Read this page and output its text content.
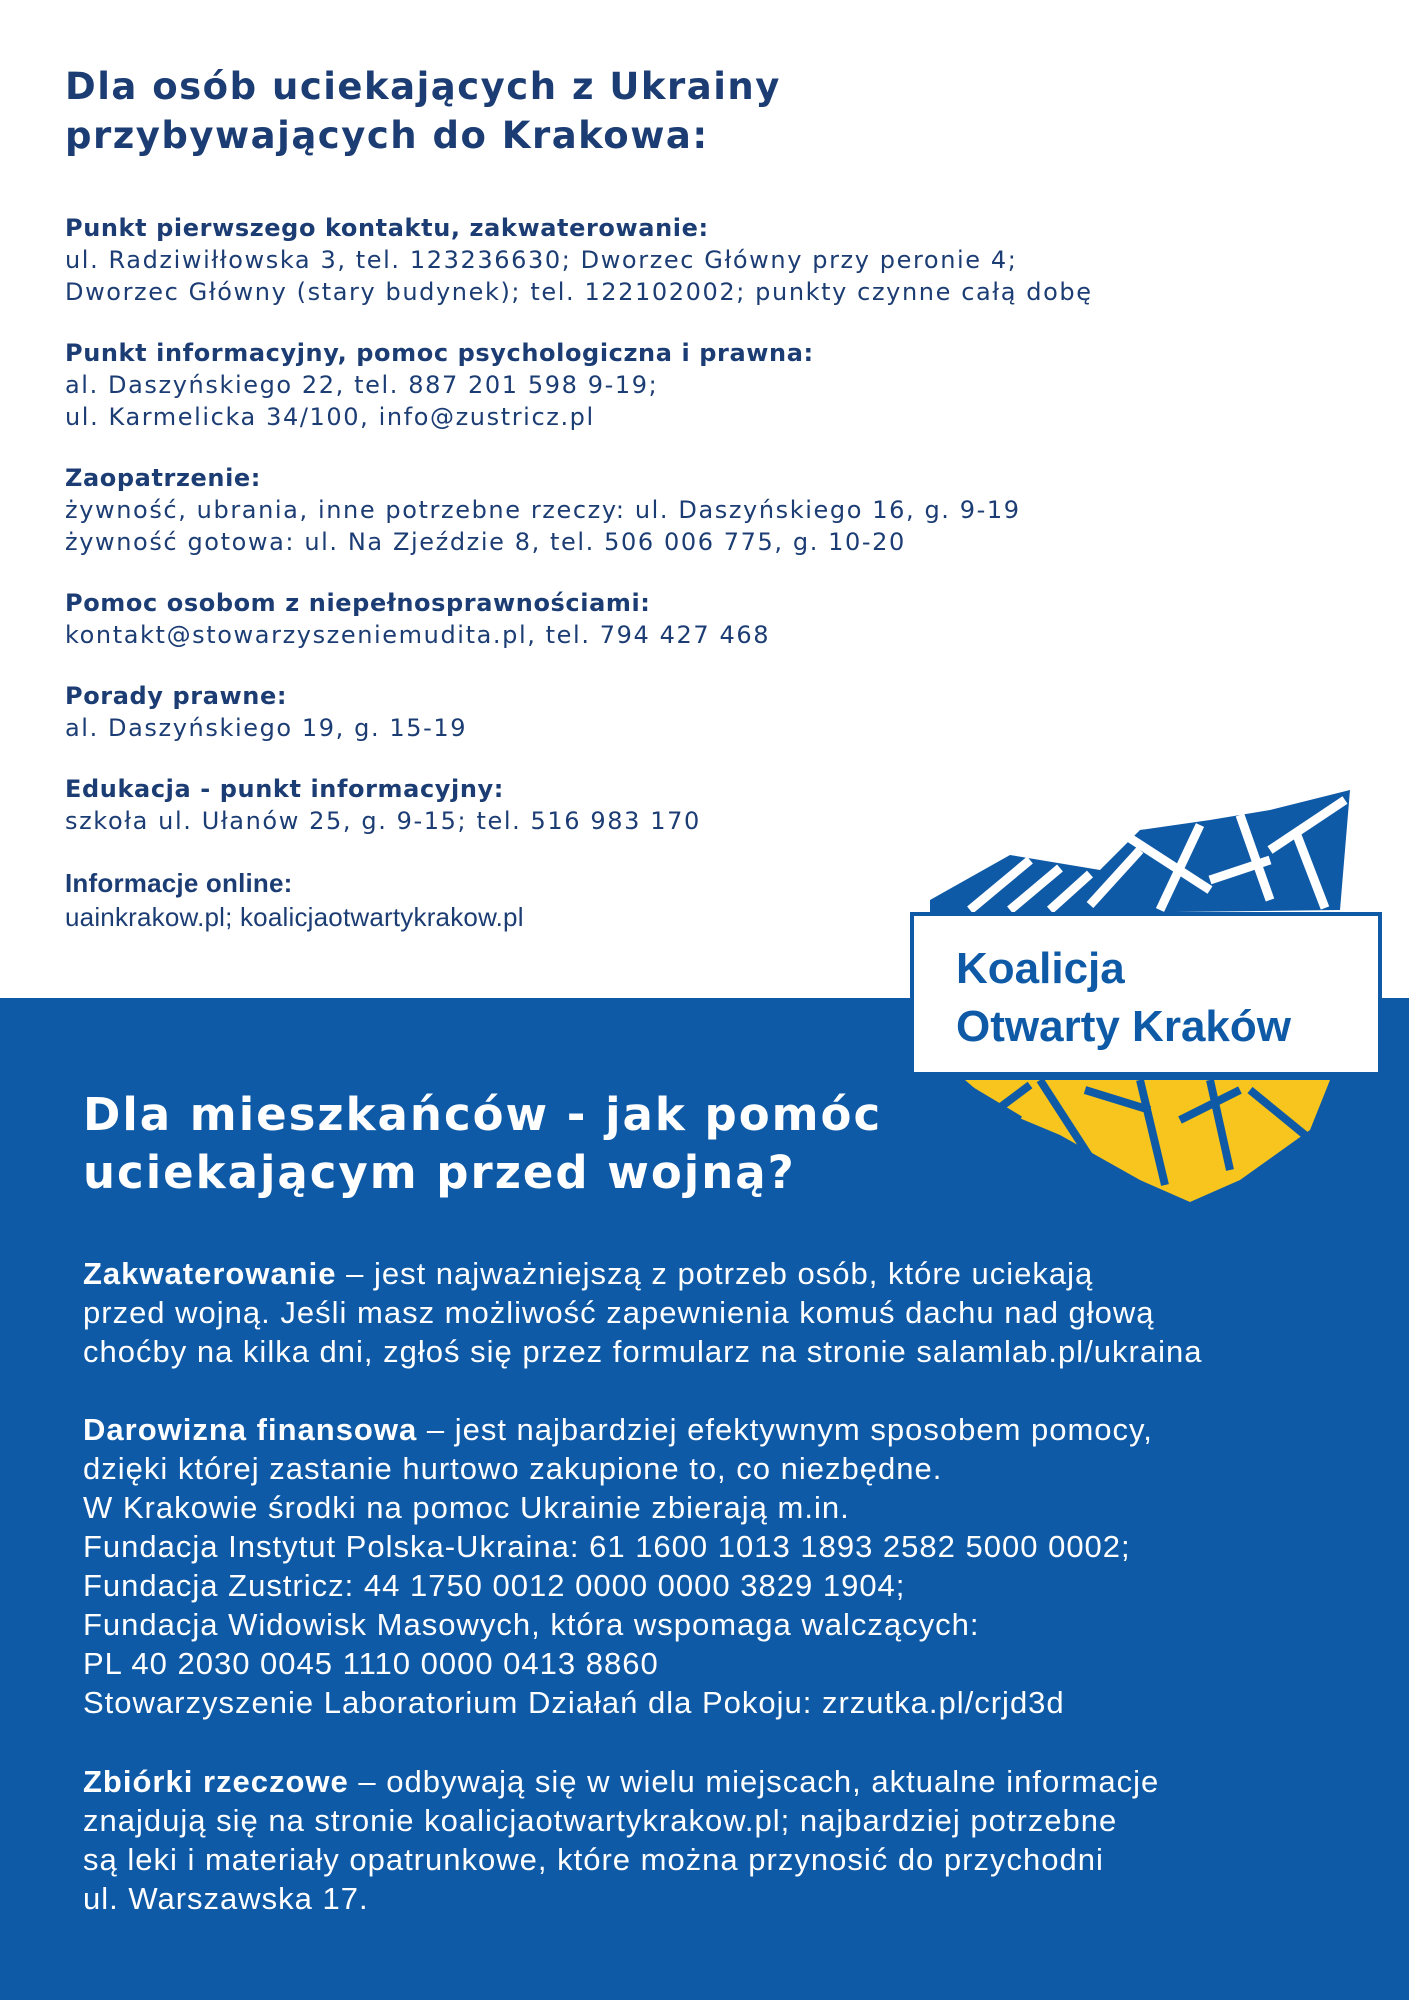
Dla osób uciekających z Ukrainy
przybywających do Krakowa:
Punkt pierwszego kontaktu, zakwaterowanie:
ul. Radziwiłłowska 3, tel. 123236630; Dworzec Główny przy peronie 4;
Dworzec Główny (stary budynek); tel. 122102002; punkty czynne całą dobę
Punkt informacyjny, pomoc psychologiczna i prawna:
al. Daszyńskiego 22, tel. 887 201 598 9-19;
ul. Karmelicka 34/100, info@zustricz.pl
Zaopatrzenie:
żywność, ubrania, inne potrzebne rzeczy: ul. Daszyńskiego 16, g. 9-19
żywność gotowa: ul. Na Zjeździe 8, tel. 506 006 775, g. 10-20
Pomoc osobom z niepełnosprawnościami:
kontakt@stowarzyszeniemudita.pl, tel. 794 427 468
Porady prawne:
al. Daszyńskiego 19, g. 15-19
Edukacja - punkt informacyjny:
szkoła ul. Ułanów 25, g. 9-15; tel. 516 983 170
Informacje online:
uainkrakow.pl; koalicjaotwartykrakow.pl
Dla mieszkańców - jak pomóc
uciekającym przed wojną?
Zakwaterowanie – jest najważniejszą z potrzeb osób, które uciekają
przed wojną. Jeśli masz możliwość zapewnienia komuś dachu nad głową
choćby na kilka dni, zgłoś się przez formularz na stronie salamlab.pl/ukraina
Darowizna finansowa – jest najbardziej efektywnym sposobem pomocy,
dzięki której zastanie hurtowo zakupione to, co niezbędne.
W Krakowie środki na pomoc Ukrainie zbierają m.in.
Fundacja Instytut Polska-Ukraina: 61 1600 1013 1893 2582 5000 0002;
Fundacja Zustricz: 44 1750 0012 0000 0000 3829 1904;
Fundacja Widowisk Masowych, która wspomaga walczących:
PL 40 2030 0045 1110 0000 0413 8860
Stowarzyszenie Laboratorium Działań dla Pokoju: zrzutka.pl/crjd3d
Zbiórki rzeczowe – odbywają się w wielu miejscach, aktualne informacje
znajdują się na stronie koalicjaotwartykrakow.pl; najbardziej potrzebne
są leki i materiały opatrunkowe, które można przynosić do przychodni
ul. Warszawska 17.
Koalicja
Otwarty Kraków
